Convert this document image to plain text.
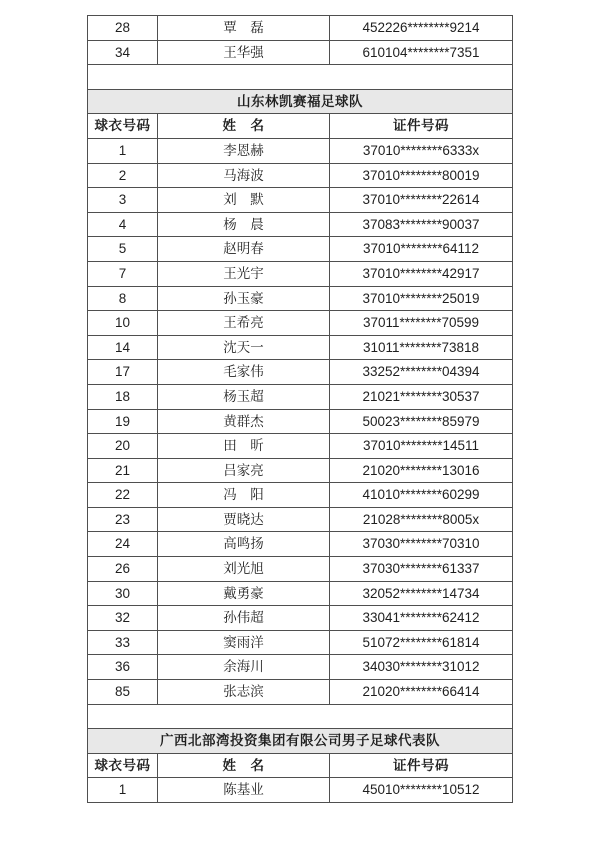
28	覃　磊	452226********9214
34	王华强	610104********7351

山东林凯赛福足球队		
球衣号码	姓　名	证件号码
1	李恩赫	37010********6333x
2	马海波	37010********80019
3	刘　默	37010********22614
4	杨　晨	37083********90037
5	赵明春	37010********64112
7	王光宇	37010********42917
8	孙玉豪	37010********25019
10	王希亮	37011********70599
14	沈天一	31011********73818
17	毛家伟	33252********04394
18	杨玉超	21021********30537
19	黄群杰	50023********85979
20	田　昕	37010********14511
21	吕家亮	21020********13016
22	冯　阳	41010********60299
23	贾晓达	21028********8005x
24	高鸣扬	37030********70310
26	刘光旭	37030********61337
30	戴勇豪	32052********14734
32	孙伟超	33041********62412
33	窦雨洋	51072********61814
36	余海川	34030********31012
85	张志滨	21020********66414

广西北部湾投资集团有限公司男子足球代表队		
球衣号码	姓　名	证件号码
1	陈基业	45010********10512
